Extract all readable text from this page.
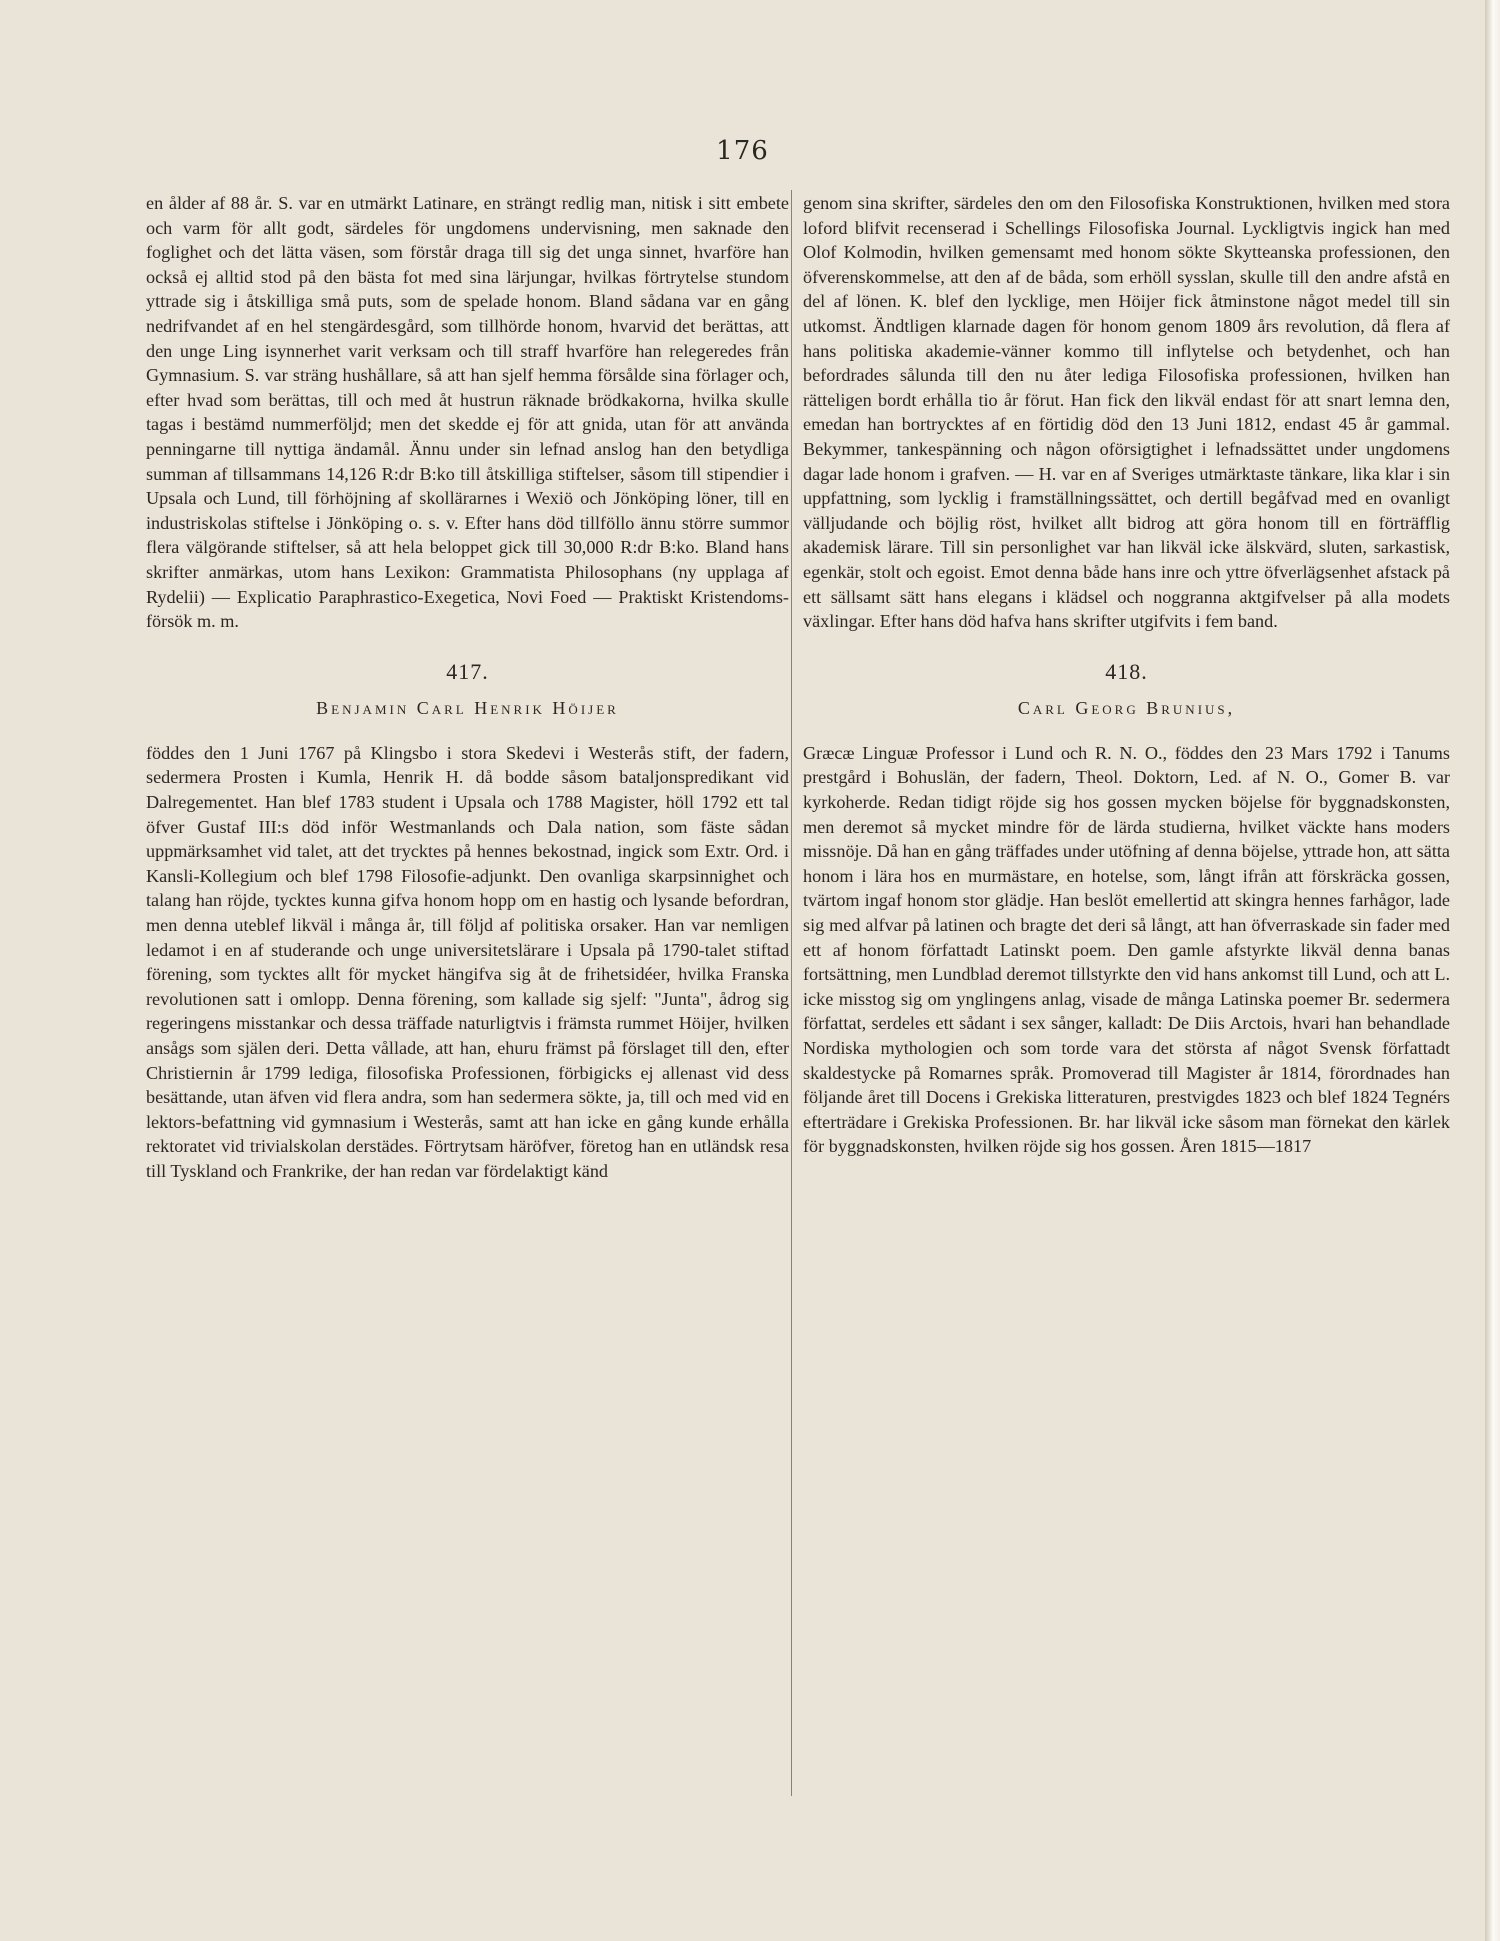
176

en ålder af 88 år. S. var en utmärkt Latinare, en strängt redlig man, nitisk i sitt embete och varm för allt godt, särdeles för ungdomens undervisning, men saknade den foglighet och det lätta väsen, som förstår draga till sig det unga sinnet, hvarföre han också ej alltid stod på den bästa fot med sina lärjungar, hvilkas förtrytelse stundom yttrade sig i åtskilliga små puts, som de spelade honom. Bland sådana var en gång nedrifvandet af en hel stengärdesgård, som tillhörde honom, hvarvid det berättas, att den unge Ling isynnerhet varit verksam och till straff hvarföre han relegeredes från Gymnasium. S. var sträng hushållare, så att han sjelf hemma försålde sina förlager och, efter hvad som berättas, till och med åt hustrun räknade brödkakorna, hvilka skulle tagas i bestämd nummerföljd; men det skedde ej för att gnida, utan för att använda penningarne till nyttiga ändamål. Ännu under sin lefnad anslog han den betydliga summan af tillsammans 14,126 R:dr B:ko till åtskilliga stiftelser, såsom till stipendier i Upsala och Lund, till förhöjning af skollärarnes i Wexiö och Jönköping löner, till en industriskolas stiftelse i Jönköping o. s. v. Efter hans död tillföllo ännu större summor flera välgörande stiftelser, så att hela beloppet gick till 30,000 R:dr B:ko. Bland hans skrifter anmärkas, utom hans Lexikon: Grammatista Philosophans (ny upplaga af Rydelii) — Explicatio Paraphrastico-Exegetica, Novi Foed — Praktiskt Kristendoms-försök m. m.

417.
Benjamin Carl Henrik Höijer

föddes den 1 Juni 1767 på Klingsbo i stora Skedevi i Westerås stift, der fadern, sedermera Prosten i Kumla, Henrik H. då bodde såsom bataljonspredikant vid Dalregementet. Han blef 1783 student i Upsala och 1788 Magister, höll 1792 ett tal öfver Gustaf III:s död inför Westmanlands och Dala nation, som fäste sådan uppmärksamhet vid talet, att det trycktes på hennes bekostnad, ingick som Extr. Ord. i Kansli-Kollegium och blef 1798 Filosofie-adjunkt. Den ovanliga skarpsinnighet och talang han röjde, tycktes kunna gifva honom hopp om en hastig och lysande befordran, men denna uteblef likväl i många år, till följd af politiska orsaker. Han var nemligen ledamot i en af studerande och unge universitetslärare i Upsala på 1790-talet stiftad förening, som tycktes allt för mycket hängifva sig åt de frihetsidéer, hvilka Franska revolutionen satt i omlopp. Denna förening, som kallade sig sjelf: "Junta", ådrog sig regeringens misstankar och dessa träffade naturligtvis i främsta rummet Höijer, hvilken ansågs som själen deri. Detta vållade, att han, ehuru främst på förslaget till den, efter Christiernin år 1799 lediga, filosofiska Professionen, förbigicks ej allenast vid dess besättande, utan äfven vid flera andra, som han sedermera sökte, ja, till och med vid en lektors-befattning vid gymnasium i Westerås, samt att han icke en gång kunde erhålla rektoratet vid trivialskolan derstädes. Förtrytsam häröfver, företog han en utländsk resa till Tyskland och Frankrike, der han redan var fördelaktigt känd

genom sina skrifter, särdeles den om den Filosofiska Konstruktionen, hvilken med stora loford blifvit recenserad i Schellings Filosofiska Journal. Lyckligtvis ingick han med Olof Kolmodin, hvilken gemensamt med honom sökte Skytteanska professionen, den öfverenskommelse, att den af de båda, som erhöll sysslan, skulle till den andre afstå en del af lönen. K. blef den lycklige, men Höijer fick åtminstone något medel till sin utkomst. Ändtligen klarnade dagen för honom genom 1809 års revolution, då flera af hans politiska akademie-vänner kommo till inflytelse och betydenhet, och han befordrades sålunda till den nu åter lediga Filosofiska professionen, hvilken han rätteligen bordt erhålla tio år förut. Han fick den likväl endast för att snart lemna den, emedan han bortrycktes af en förtidig död den 13 Juni 1812, endast 45 år gammal. Bekymmer, tankespänning och någon oförsigtighet i lefnadssättet under ungdomens dagar lade honom i grafven. — H. var en af Sveriges utmärktaste tänkare, lika klar i sin uppfattning, som lycklig i framställningssättet, och dertill begåfvad med en ovanligt välljudande och böjlig röst, hvilket allt bidrog att göra honom till en förträfflig akademisk lärare. Till sin personlighet var han likväl icke älskvärd, sluten, sarkastisk, egenkär, stolt och egoist. Emot denna både hans inre och yttre öfverlägsenhet afstack på ett sällsamt sätt hans elegans i klädsel och noggranna aktgifvelser på alla modets växlingar. Efter hans död hafva hans skrifter utgifvits i fem band.

418.
Carl Georg Brunius,

Græcæ Linguæ Professor i Lund och R. N. O., föddes den 23 Mars 1792 i Tanums prestgård i Bohuslän, der fadern, Theol. Doktorn, Led. af N. O., Gomer B. var kyrkoherde. Redan tidigt röjde sig hos gossen mycken böjelse för byggnadskonsten, men deremot så mycket mindre för de lärda studierna, hvilket väckte hans moders missnöje. Då han en gång träffades under utöfning af denna böjelse, yttrade hon, att sätta honom i lära hos en murmästare, en hotelse, som, långt ifrån att förskräcka gossen, tvärtom ingaf honom stor glädje. Han beslöt emellertid att skingra hennes farhågor, lade sig med alfvar på latinen och bragte det deri så långt, att han öfverraskade sin fader med ett af honom författadt Latinskt poem. Den gamle afstyrkte likväl denna banas fortsättning, men Lundblad deremot tillstyrkte den vid hans ankomst till Lund, och att L. icke misstog sig om ynglingens anlag, visade de många Latinska poemer Br. sedermera författat, serdeles ett sådant i sex sånger, kalladt: De Diis Arctois, hvari han behandlade Nordiska mythologien och som torde vara det största af något Svensk författadt skaldestycke på Romarnes språk. Promoverad till Magister år 1814, förordnades han följande året till Docens i Grekiska litteraturen, prestvigdes 1823 och blef 1824 Tegnérs efterträdare i Grekiska Professionen. Br. har likväl icke såsom man förnekat den kärlek för byggnadskonsten, hvilken röjde sig hos gossen. Åren 1815—1817
